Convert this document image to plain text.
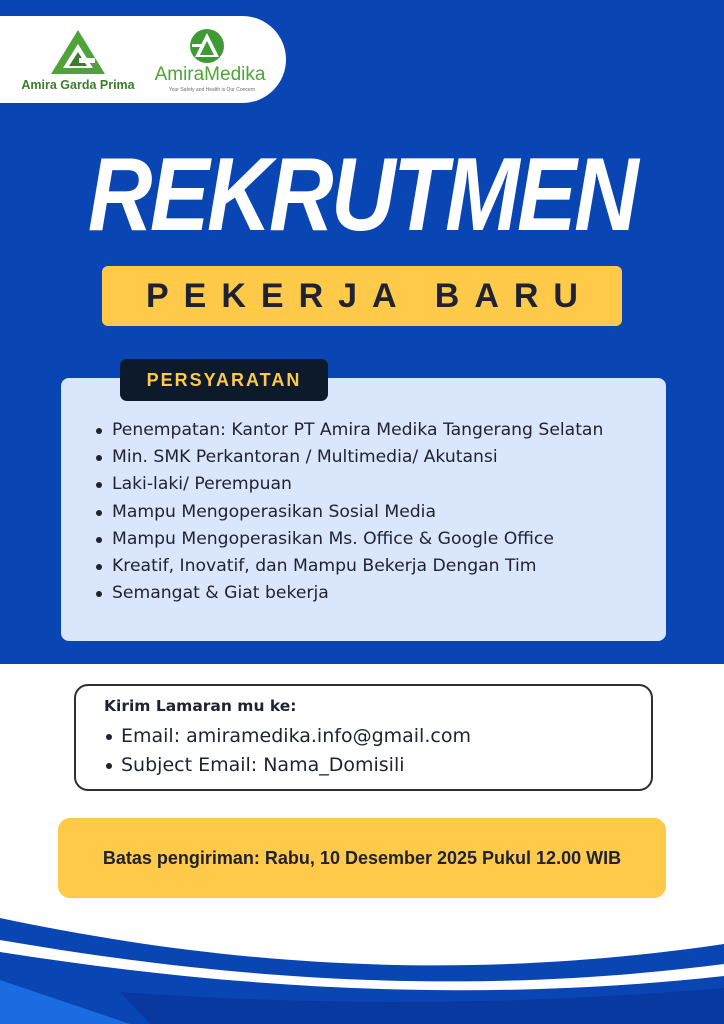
Amira Garda Prima AmiraMedika
Your Safety and Health is Our Concern
REKRUTMEN
PEKERJA BARU
PERSYARATAN
Penempatan: Kantor PT Amira Medika Tangerang Selatan
Min. SMK Perkantoran / Multimedia/ Akutansi
Laki-laki/ Perempuan
Mampu Mengoperasikan Sosial Media
Mampu Mengoperasikan Ms. Office & Google Office
Kreatif, Inovatif, dan Mampu Bekerja Dengan Tim
Semangat & Giat bekerja
Kirim Lamaran mu ke:
Email: amiramedika.info@gmail.com
Subject Email: Nama_Domisili
Batas pengiriman: Rabu, 10 Desember 2025 Pukul 12.00 WIB
